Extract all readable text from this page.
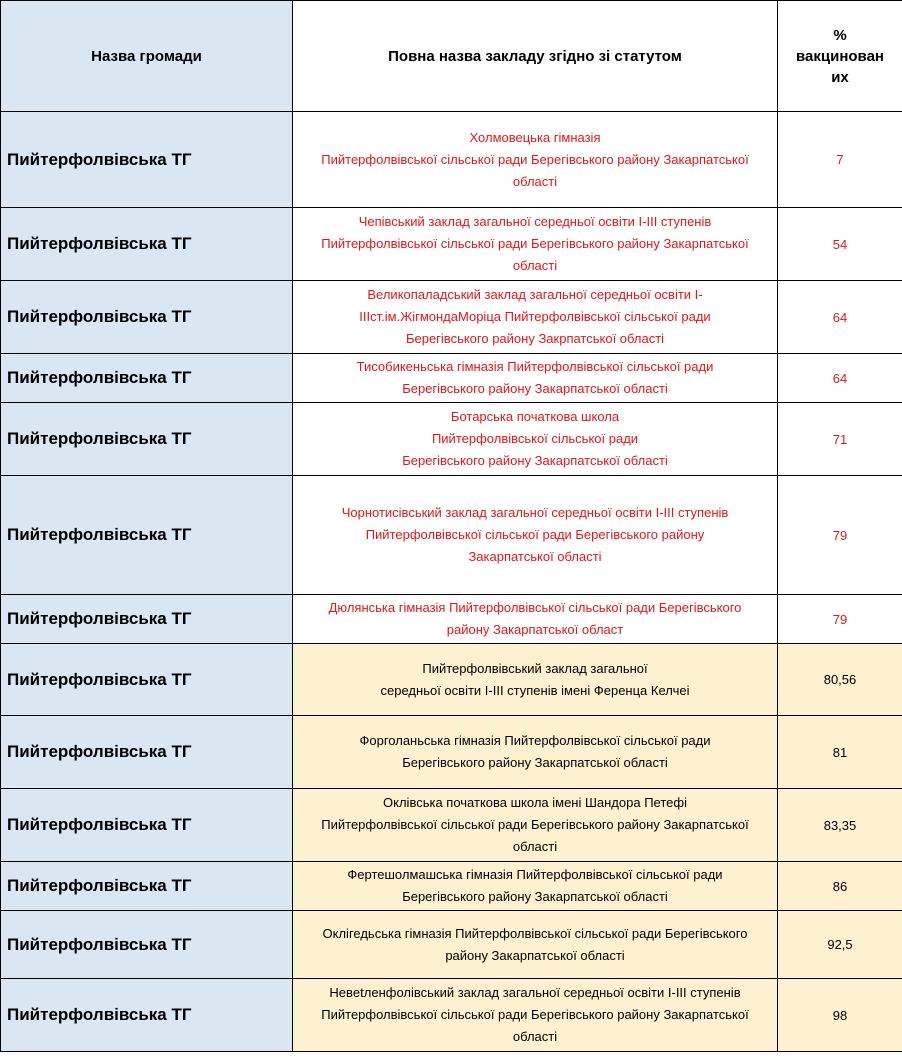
Назва громади	Повна назва закладу згідно зі статутом	%
вакцинован
их
Пийтерфолвівська ТГ	Холмовецька гімназія
Пийтерфолвівської сільської ради Берегівського району Закарпатської
області	7
Пийтерфолвівська ТГ	Чепівський заклад загальної середньої освіти І-ІІІ ступенів
Пийтерфолвівської сільської ради Берегівського району Закарпатської
області	54
Пийтерфолвівська ТГ	Великопаладський заклад загальної середньої освіти І-
ІІІст.ім.ЖігмондаМоріца Пийтерфолвівської сільської ради
Берегівського району Закрпатської області	64
Пийтерфолвівська ТГ	Тисобикеньська гімназія Пийтерфолвівської сільської ради
Берегівського району Закарпатської області	64
Пийтерфолвівська ТГ	Ботарська початкова школа
Пийтерфолвівської сільської ради
Берегівського району Закарпатської області	71
Пийтерфолвівська ТГ	Чорнотисівський заклад загальної середньої освіти І-ІІІ ступенів
Пийтерфолвівської сільської ради Берегівського району
Закарпатської області	79
Пийтерфолвівська ТГ	Дюлянська гімназія Пийтерфолвівської сільської ради Берегівського
району Закарпатської област	79
Пийтерфолвівська ТГ	Пийтерфолвівський заклад загальної
середньої освіти І-ІІІ ступенів імені Ференца Келчеі	80,56
Пийтерфолвівська ТГ	Форголаньська гімназія Пийтерфолвівської сільської ради
Берегівського району Закарпатської області	81
Пийтерфолвівська ТГ	Оклівська початкова школа імені Шандора Петефі
Пийтерфолвівської сільської ради Берегівського району Закарпатської
області	83,35
Пийтерфолвівська ТГ	Фертешолмашська гімназія Пийтерфолвівської сільської ради
Берегівського району Закарпатської області	86
Пийтерфолвівська ТГ	Оклігедьська гімназія Пийтерфолвівської сільської ради Берегівського
району Закарпатської області	92,5
Пийтерфолвівська ТГ	Невetленфолівський заклад загальної середньої освіти І-ІІІ ступенів
Пийтерфолвівської сільської ради Берегівського району Закарпатської
області	98
